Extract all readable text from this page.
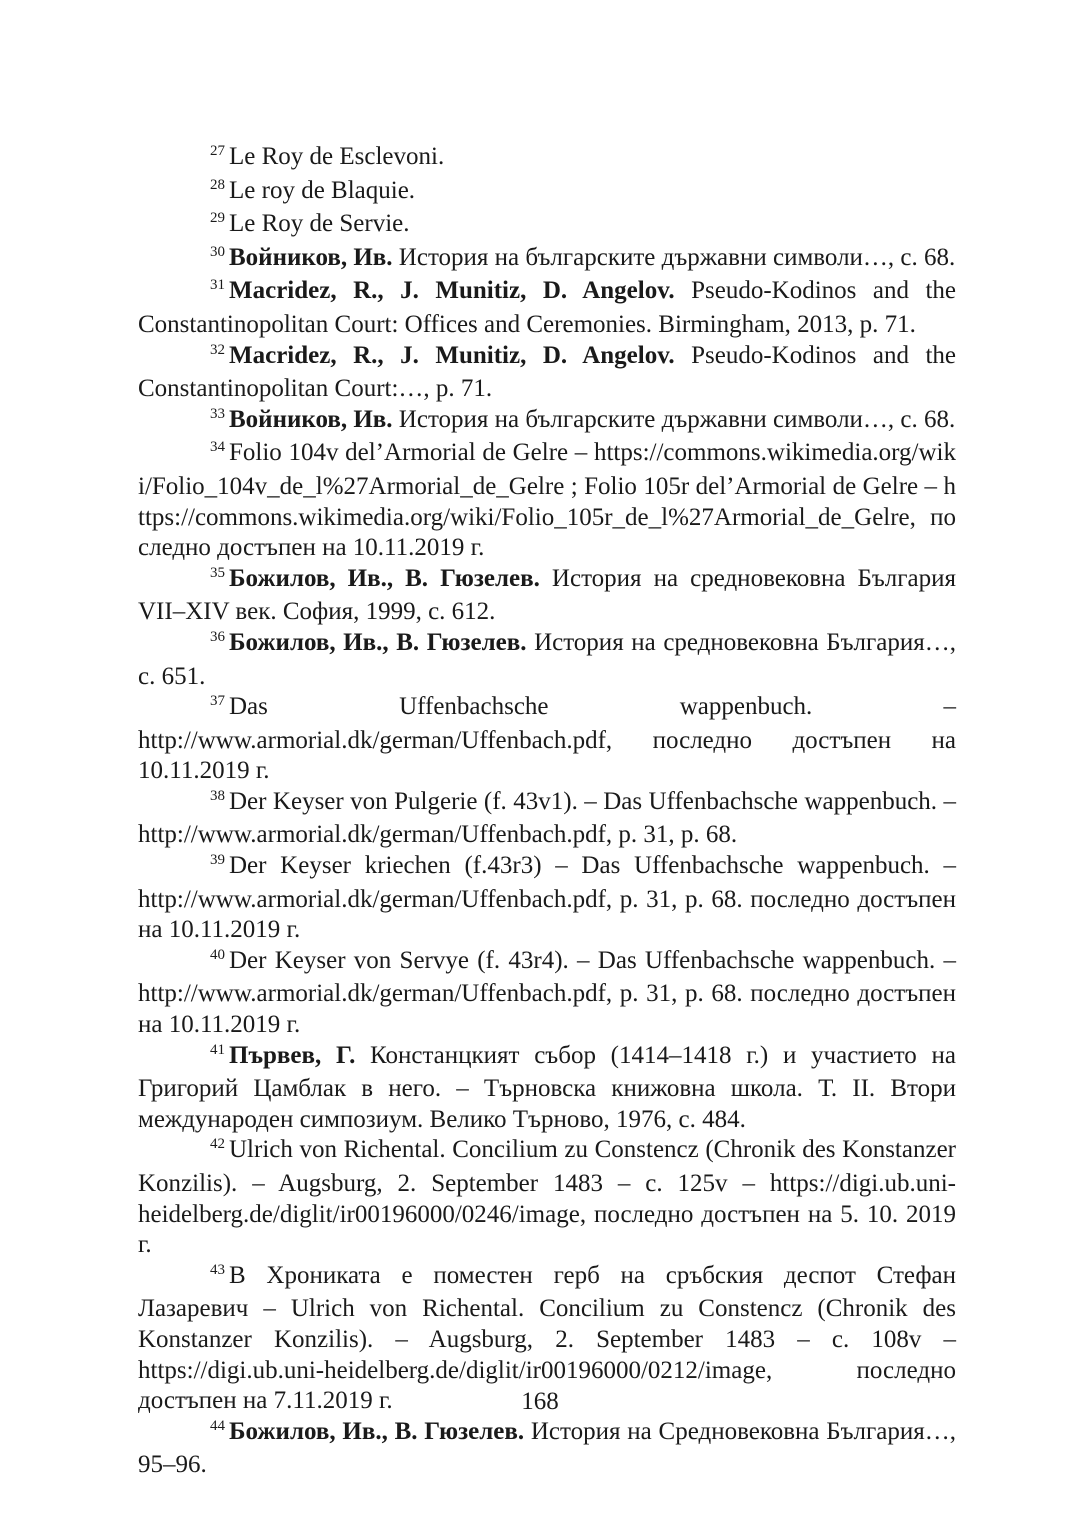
$^{27}$ Le Roy de Esclevoni.

$^{28}$ Le roy de Blaquie.

$^{29}$ Le Roy de Servie.

$^{30}$ Войников, Ив. История на българските държавни символи…, с. 68.

$^{31}$ Macridez, R., J. Munitiz, D. Angelov. Pseudo-Kodinos and the Constantinopolitan Court: Offices and Ceremonies. Birmingham, 2013, p. 71.

$^{32}$ Macridez, R., J. Munitiz, D. Angelov. Pseudo-Kodinos and the Constantinopolitan Court:…, p. 71.

$^{33}$ Войников, Ив. История на българските държавни символи…, с. 68.

$^{34}$ Folio 104v del’Armorial de Gelre – https://commons.wikimedia.org/wiki/Folio_104v_de_l%27Armorial_de_Gelre ; Folio 105r del’Armorial de Gelre – https://commons.wikimedia.org/wiki/Folio_105r_de_l%27Armorial_de_Gelre, последно достъпен на 10.11.2019 г.

$^{35}$ Божилов, Ив., В. Гюзелев. История на средновековна България VII–XIV век. София, 1999, с. 612.

$^{36}$ Божилов, Ив., В. Гюзелев. История на средновековна България…, с. 651.

$^{37}$ Das Uffenbachsche wappenbuch. – http://www.armorial.dk/german/Uffenbach.pdf, последно достъпен на 10.11.2019 г.

$^{38}$ Der Keyser von Pulgerie (f. 43v1). – Das Uffenbachsche wappenbuch. – http://www.armorial.dk/german/Uffenbach.pdf, p. 31, p. 68.

$^{39}$ Der Keyser kriechen (f.43r3) – Das Uffenbachsche wappenbuch. – http://www.armorial.dk/german/Uffenbach.pdf, p. 31, p. 68. последно достъпен на 10.11.2019 г.

$^{40}$ Der Keyser von Servye (f. 43r4). – Das Uffenbachsche wappenbuch. – http://www.armorial.dk/german/Uffenbach.pdf, p. 31, p. 68. последно достъпен на 10.11.2019 г.

$^{41}$ Първев, Г. Констанцкият събор (1414–1418 г.) и участието на Григорий Цамблак в него. – Търновска книжовна школа. Т. II. Втори международен симпозиум. Велико Търново, 1976, с. 484.

$^{42}$ Ulrich von Richental. Concilium zu Constencz (Chronik des Konstanzer Konzilis). – Augsburg, 2. September 1483 – c. 125v – https://digi.ub.uni-heidelberg.de/diglit/ir00196000/0246/image, последно достъпен на 5. 10. 2019 г.

$^{43}$ В Хрониката е поместен герб на сръбския деспот Стефан Лазаревич – Ulrich von Richental. Concilium zu Constencz (Chronik des Konstanzer Konzilis). – Augsburg, 2. September 1483 – c. 108v – https://digi.ub.uni-heidelberg.de/diglit/ir00196000/0212/image, последно достъпен на 7.11.2019 г.

$^{44}$ Божилов, Ив., В. Гюзелев. История на Средновековна България…, 95–96.

168
